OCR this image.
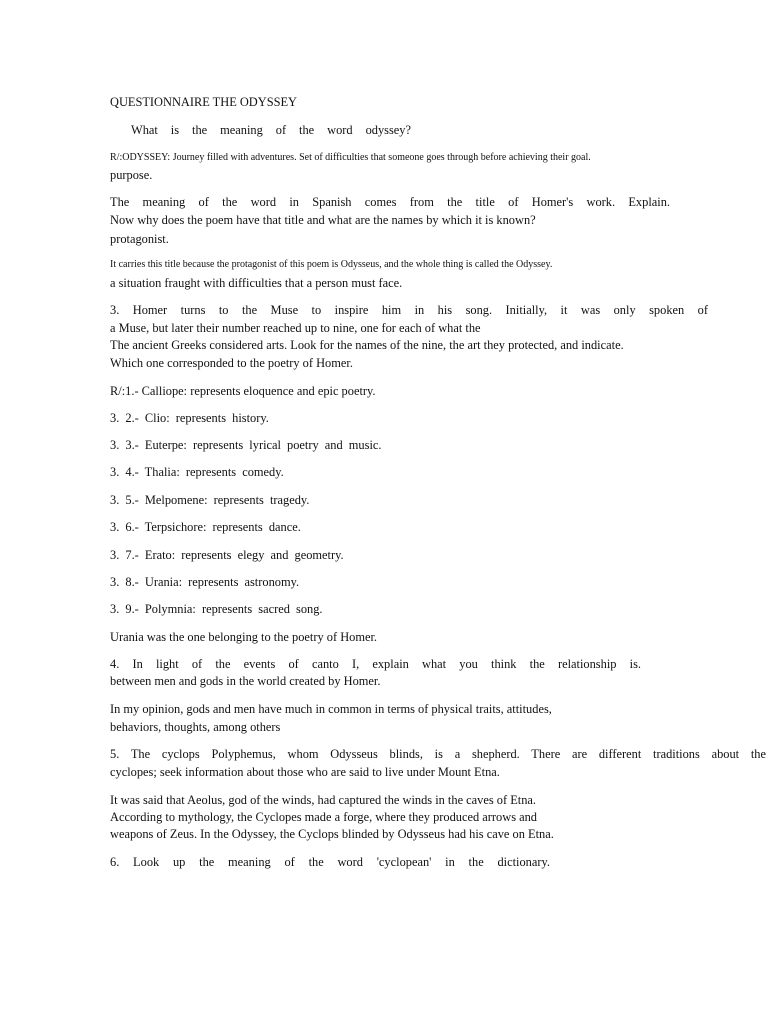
QUESTIONNAIRE THE ODYSSEY
What is the meaning of the word odyssey?
R/:ODYSSEY: Journey filled with adventures. Set of difficulties that someone goes through before achieving their goal.
purpose.
The meaning of the word in Spanish comes from the title of Homer's work. Explain.
Now why does the poem have that title and what are the names by which it is known?
protagonist.
It carries this title because the protagonist of this poem is Odysseus, and the whole thing is called the Odyssey.
a situation fraught with difficulties that a person must face.
3. Homer turns to the Muse to inspire him in his song. Initially, it was only spoken of
a Muse, but later their number reached up to nine, one for each of what the
The ancient Greeks considered arts. Look for the names of the nine, the art they protected, and indicate.
Which one corresponded to the poetry of Homer.
R/:1.- Calliope: represents eloquence and epic poetry.
3. 2.- Clio: represents history.
3. 3.- Euterpe: represents lyrical poetry and music.
3. 4.- Thalia: represents comedy.
3. 5.- Melpomene: represents tragedy.
3. 6.- Terpsichore: represents dance.
3. 7.- Erato: represents elegy and geometry.
3. 8.- Urania: represents astronomy.
3. 9.- Polymnia: represents sacred song.
Urania was the one belonging to the poetry of Homer.
4. In light of the events of canto I, explain what you think the relationship is.
between men and gods in the world created by Homer.
In my opinion, gods and men have much in common in terms of physical traits, attitudes,
behaviors, thoughts, among others
5. The cyclops Polyphemus, whom Odysseus blinds, is a shepherd. There are different traditions about the
cyclopes; seek information about those who are said to live under Mount Etna.
It was said that Aeolus, god of the winds, had captured the winds in the caves of Etna.
According to mythology, the Cyclopes made a forge, where they produced arrows and
weapons of Zeus. In the Odyssey, the Cyclops blinded by Odysseus had his cave on Etna.
6. Look up the meaning of the word 'cyclopean' in the dictionary.
